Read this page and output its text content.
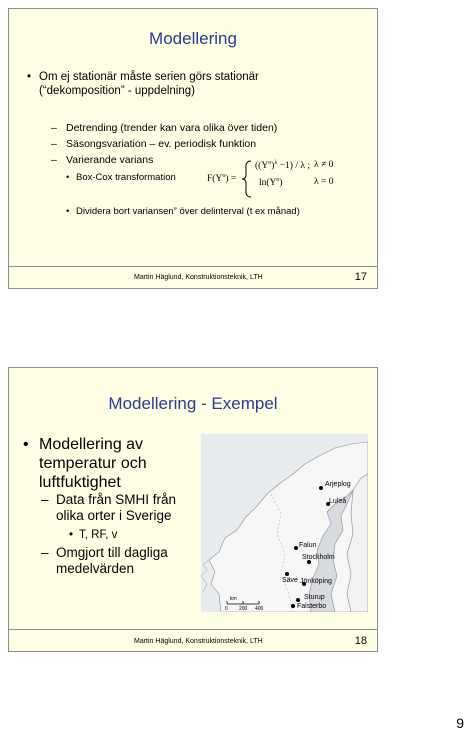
Modellering
• Om ej stationär måste serien görs stationär
(“dekomposition” - uppdelning)
– Detrending (trender kan vara olika över tiden)
– Säsongsvariation – ev. periodisk funktion
– Varierande varians
• Box-Cox transformation	$F(Y^o)$ =
$((Y^o)^\lambda -1) / \lambda$ ; λ ≠ 0
$\ln(Y^o)$	λ = 0
• Dividera bort variansen” över delinterval (t ex månad)
Martin Häglund, Konstruktionsteknik, LTH	17
Modellering - Exempel
• Modellering av
temperatur och
luftfuktighet
– Data från SMHI från
olika orter i Sverige
• T, RF, v
– Omgjort till dagliga
medelvärden
Arjeplog
Luleå
Falun
Stockholm
Säve Jönköping
Sturup
Falsterbo
km
0 200 400
Martin Häglund, Konstruktionsteknik, LTH	18
9
